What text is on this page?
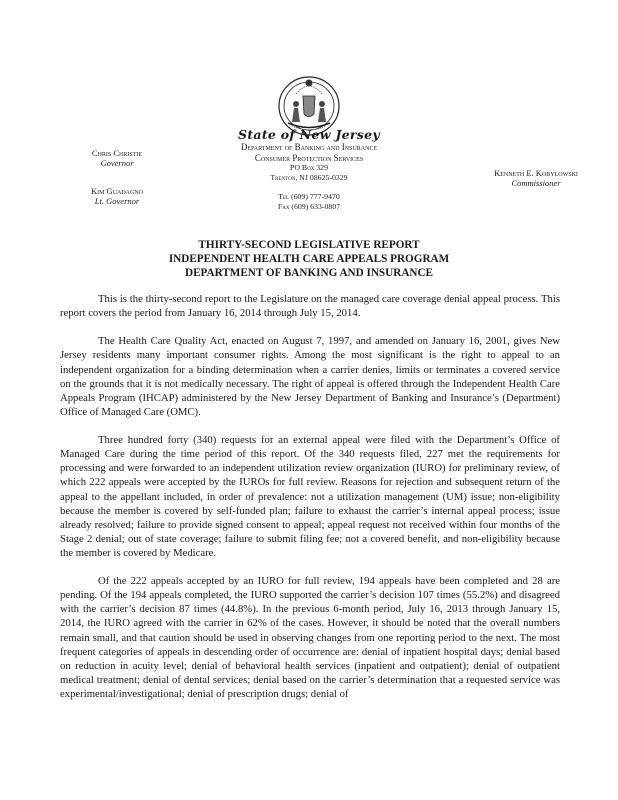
Chris Christie
Governor
Kim Guadagno
Lt. Governor
State of New Jersey
Department of Banking and Insurance
Consumer Protection Services
PO Box 329
Trenton, NJ 08625-0329
Tel (609) 777-9470
Fax (609) 633-0807
Kenneth E. Kobylowski
Commissioner
THIRTY-SECOND LEGISLATIVE REPORT
INDEPENDENT HEALTH CARE APPEALS PROGRAM
DEPARTMENT OF BANKING AND INSURANCE

This is the thirty-second report to the Legislature on the managed care coverage denial appeal process. This report covers the period from January 16, 2014 through July 15, 2014.

The Health Care Quality Act, enacted on August 7, 1997, and amended on January 16, 2001, gives New Jersey residents many important consumer rights. Among the most significant is the right to appeal to an independent organization for a binding determination when a carrier denies, limits or terminates a covered service on the grounds that it is not medically necessary. The right of appeal is offered through the Independent Health Care Appeals Program (IHCAP) administered by the New Jersey Department of Banking and Insurance’s (Department) Office of Managed Care (OMC).

Three hundred forty (340) requests for an external appeal were filed with the Department’s Office of Managed Care during the time period of this report. Of the 340 requests filed, 227 met the requirements for processing and were forwarded to an independent utilization review organization (IURO) for preliminary review, of which 222 appeals were accepted by the IUROs for full review. Reasons for rejection and subsequent return of the appeal to the appellant included, in order of prevalence: not a utilization management (UM) issue; non-eligibility because the member is covered by self-funded plan; failure to exhaust the carrier’s internal appeal process; issue already resolved; failure to provide signed consent to appeal; appeal request not received within four months of the Stage 2 denial; out of state coverage; failure to submit filing fee; not a covered benefit, and non-eligibility because the member is covered by Medicare.

Of the 222 appeals accepted by an IURO for full review, 194 appeals have been completed and 28 are pending. Of the 194 appeals completed, the IURO supported the carrier’s decision 107 times (55.2%) and disagreed with the carrier’s decision 87 times (44.8%). In the previous 6-month period, July 16, 2013 through January 15, 2014, the IURO agreed with the carrier in 62% of the cases. However, it should be noted that the overall numbers remain small, and that caution should be used in observing changes from one reporting period to the next. The most frequent categories of appeals in descending order of occurrence are: denial of inpatient hospital days; denial based on reduction in acuity level; denial of behavioral health services (inpatient and outpatient); denial of outpatient medical treatment; denial of dental services; denial based on the carrier’s determination that a requested service was experimental/investigational; denial of prescription drugs; denial of
